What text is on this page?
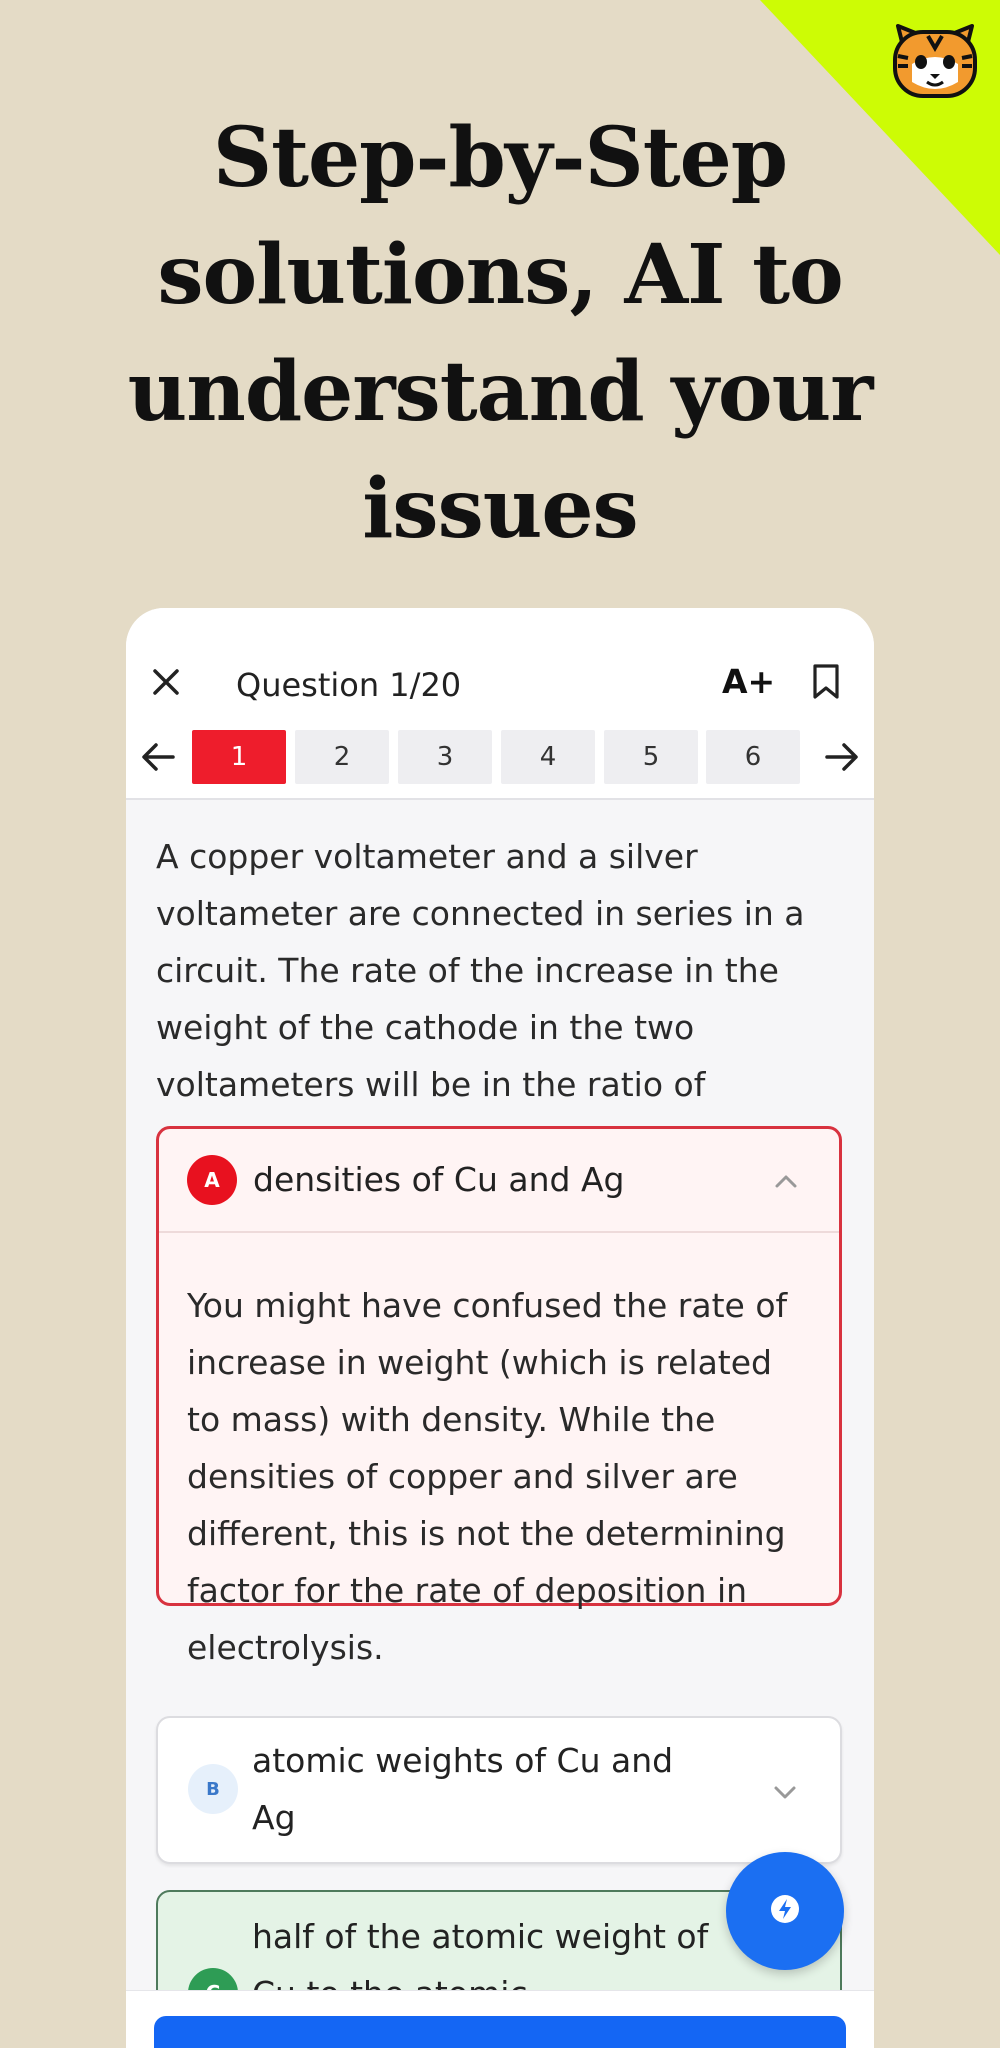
Step-by-Step solutions, AI to understand your issues
Question 1/20	A+
1	2	3	4	5	6

A copper voltameter and a silver voltameter are connected in series in a circuit. The rate of the increase in the weight of the cathode in the two voltameters will be in the ratio of

A	densities of Cu and Ag

You might have confused the rate of increase in weight (which is related to mass) with density. While the densities of copper and silver are different, this is not the determining factor for the rate of deposition in electrolysis.

B
atomic weights of Cu and Ag
half of the atomic weight of
